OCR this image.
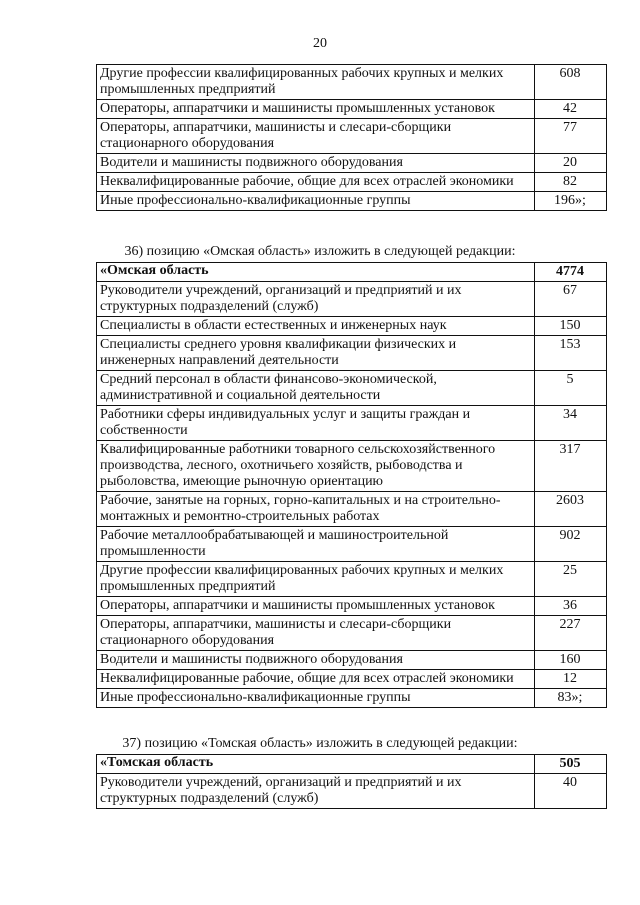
20
Другие профессии квалифицированных рабочих крупных и мелких промышленных предприятий	608
Операторы, аппаратчики и машинисты промышленных установок	42
Операторы, аппаратчики, машинисты и слесари-сборщики стационарного оборудования	77
Водители и машинисты подвижного оборудования	20
Неквалифицированные рабочие, общие для всех отраслей экономики	82
Иные профессионально-квалификационные группы	196»;
36) позицию «Омская область» изложить в следующей редакции:
«Омская область	4774
Руководители учреждений, организаций и предприятий и их структурных подразделений (служб)	67
Специалисты в области естественных и инженерных наук	150
Специалисты среднего уровня квалификации физических и инженерных направлений деятельности	153
Средний персонал в области финансово-экономической, административной и социальной деятельности	5
Работники сферы индивидуальных услуг и защиты граждан и собственности	34
Квалифицированные работники товарного сельскохозяйственного производства, лесного, охотничьего хозяйств, рыбоводства и рыболовства, имеющие рыночную ориентацию	317
Рабочие, занятые на горных, горно-капитальных и на строительно-монтажных и ремонтно-строительных работах	2603
Рабочие металлообрабатывающей и машиностроительной промышленности	902
Другие профессии квалифицированных рабочих крупных и мелких промышленных предприятий	25
Операторы, аппаратчики и машинисты промышленных установок	36
Операторы, аппаратчики, машинисты и слесари-сборщики стационарного оборудования	227
Водители и машинисты подвижного оборудования	160
Неквалифицированные рабочие, общие для всех отраслей экономики	12
Иные профессионально-квалификационные группы	83»;
37) позицию «Томская область» изложить в следующей редакции:
«Томская область	505
Руководители учреждений, организаций и предприятий и их структурных подразделений (служб)	40
